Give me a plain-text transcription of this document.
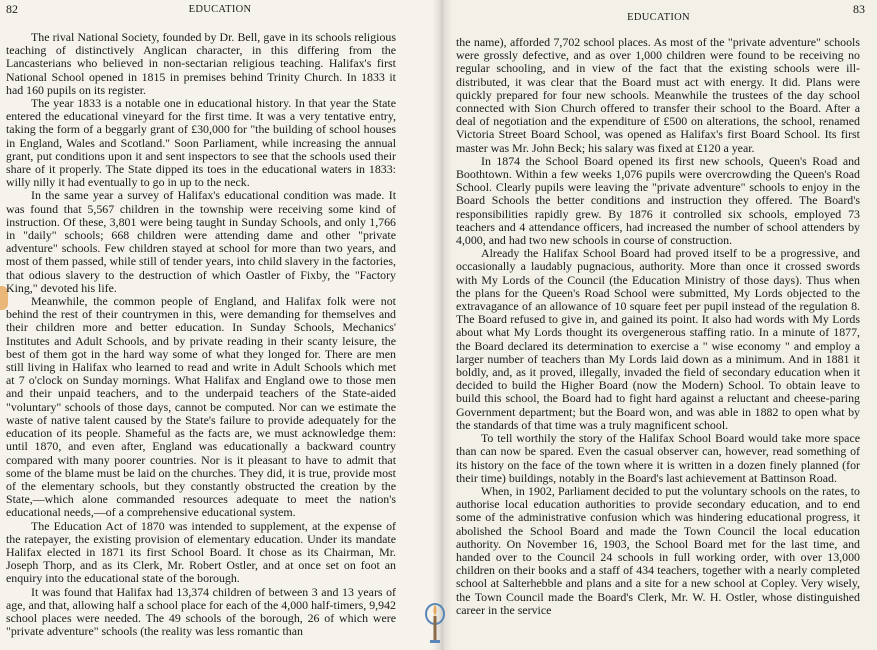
82	EDUCATION

The rival National Society, founded by Dr. Bell, gave in its schools religious teaching of distinctively Anglican character, in this differing from the Lancasterians who believed in non-sectarian religious teaching. Halifax's first National School opened in 1815 in premises behind Trinity Church. In 1833 it had 160 pupils on its register.

The year 1833 is a notable one in educational history. In that year the State entered the educational vineyard for the first time. It was a very tentative entry, taking the form of a beggarly grant of £30,000 for "the building of school houses in England, Wales and Scotland." Soon Parliament, while increasing the annual grant, put conditions upon it and sent inspectors to see that the schools used their share of it properly. The State dipped its toes in the educational waters in 1833: willy nilly it had eventually to go in up to the neck.

In the same year a survey of Halifax's educational condition was made. It was found that 5,567 children in the township were receiving some kind of instruction. Of these, 3,801 were being taught in Sunday Schools, and only 1,766 in "daily" schools; 668 children were attending dame and other "private adventure" schools. Few children stayed at school for more than two years, and most of them passed, while still of tender years, into child slavery in the factories, that odious slavery to the destruction of which Oastler of Fixby, the "Factory King," devoted his life.

Meanwhile, the common people of England, and Halifax folk were not behind the rest of their countrymen in this, were demanding for themselves and their children more and better education. In Sunday Schools, Mechanics' Institutes and Adult Schools, and by private reading in their scanty leisure, the best of them got in the hard way some of what they longed for. There are men still living in Halifax who learned to read and write in Adult Schools which met at 7 o'clock on Sunday mornings. What Halifax and England owe to those men and their unpaid teachers, and to the underpaid teachers of the State-aided "voluntary" schools of those days, cannot be computed. Nor can we estimate the waste of native talent caused by the State's failure to provide adequately for the education of its people. Shameful as the facts are, we must acknowledge them: until 1870, and even after, England was educationally a backward country compared with many poorer countries. Nor is it pleasant to have to admit that some of the blame must be laid on the churches. They did, it is true, provide most of the elementary schools, but they constantly obstructed the creation by the State,—which alone commanded resources adequate to meet the nation's educational needs,—of a comprehensive educational system.

The Education Act of 1870 was intended to supplement, at the expense of the ratepayer, the existing provision of elementary education. Under its mandate Halifax elected in 1871 its first School Board. It chose as its Chairman, Mr. Joseph Thorp, and as its Clerk, Mr. Robert Ostler, and at once set on foot an enquiry into the educational state of the borough.

It was found that Halifax had 13,374 children of between 3 and 13 years of age, and that, allowing half a school place for each of the 4,000 half-timers, 9,942 school places were needed. The 49 schools of the borough, 26 of which were "private adventure" schools (the reality was less romantic than

EDUCATION
83

the name), afforded 7,702 school places. As most of the "private adventure" schools were grossly defective, and as over 1,000 children were found to be receiving no regular schooling, and in view of the fact that the existing schools were ill-distributed, it was clear that the Board must act with energy. It did. Plans were quickly prepared for four new schools. Meanwhile the trustees of the day school connected with Sion Church offered to transfer their school to the Board. After a deal of negotiation and the expenditure of £500 on alterations, the school, renamed Victoria Street Board School, was opened as Halifax's first Board School. Its first master was Mr. John Beck; his salary was fixed at £120 a year.

In 1874 the School Board opened its first new schools, Queen's Road and Boothtown. Within a few weeks 1,076 pupils were overcrowding the Queen's Road School. Clearly pupils were leaving the "private adventure" schools to enjoy in the Board Schools the better conditions and instruction they offered. The Board's responsibilities rapidly grew. By 1876 it controlled six schools, employed 73 teachers and 4 attendance officers, had increased the number of school attenders by 4,000, and had two new schools in course of construction.

Already the Halifax School Board had proved itself to be a progressive, and occasionally a laudably pugnacious, authority. More than once it crossed swords with My Lords of the Council (the Education Ministry of those days). Thus when the plans for the Queen's Road School were submitted, My Lords objected to the extravagance of an allowance of 10 square feet per pupil instead of the regulation 8. The Board refused to give in, and gained its point. It also had words with My Lords about what My Lords thought its overgenerous staffing ratio. In a minute of 1877, the Board declared its determination to exercise a " wise economy " and employ a larger number of teachers than My Lords laid down as a minimum. And in 1881 it boldly, and, as it proved, illegally, invaded the field of secondary education when it decided to build the Higher Board (now the Modern) School. To obtain leave to build this school, the Board had to fight hard against a reluctant and cheese-paring Government department; but the Board won, and was able in 1882 to open what by the standards of that time was a truly magnificent school.

To tell worthily the story of the Halifax School Board would take more space than can now be spared. Even the casual observer can, however, read something of its history on the face of the town where it is written in a dozen finely planned (for their time) buildings, notably in the Board's last achievement at Battinson Road.

When, in 1902, Parliament decided to put the voluntary schools on the rates, to authorise local education authorities to provide secondary education, and to end some of the administrative confusion which was hindering educational progress, it abolished the School Board and made the Town Council the local education authority. On November 16, 1903, the School Board met for the last time, and handed over to the Council 24 schools in full working order, with over 13,000 children on their books and a staff of 434 teachers, together with a nearly completed school at Salterhebble and plans and a site for a new school at Copley. Very wisely, the Town Council made the Board's Clerk, Mr. W. H. Ostler, whose distinguished career in the service
